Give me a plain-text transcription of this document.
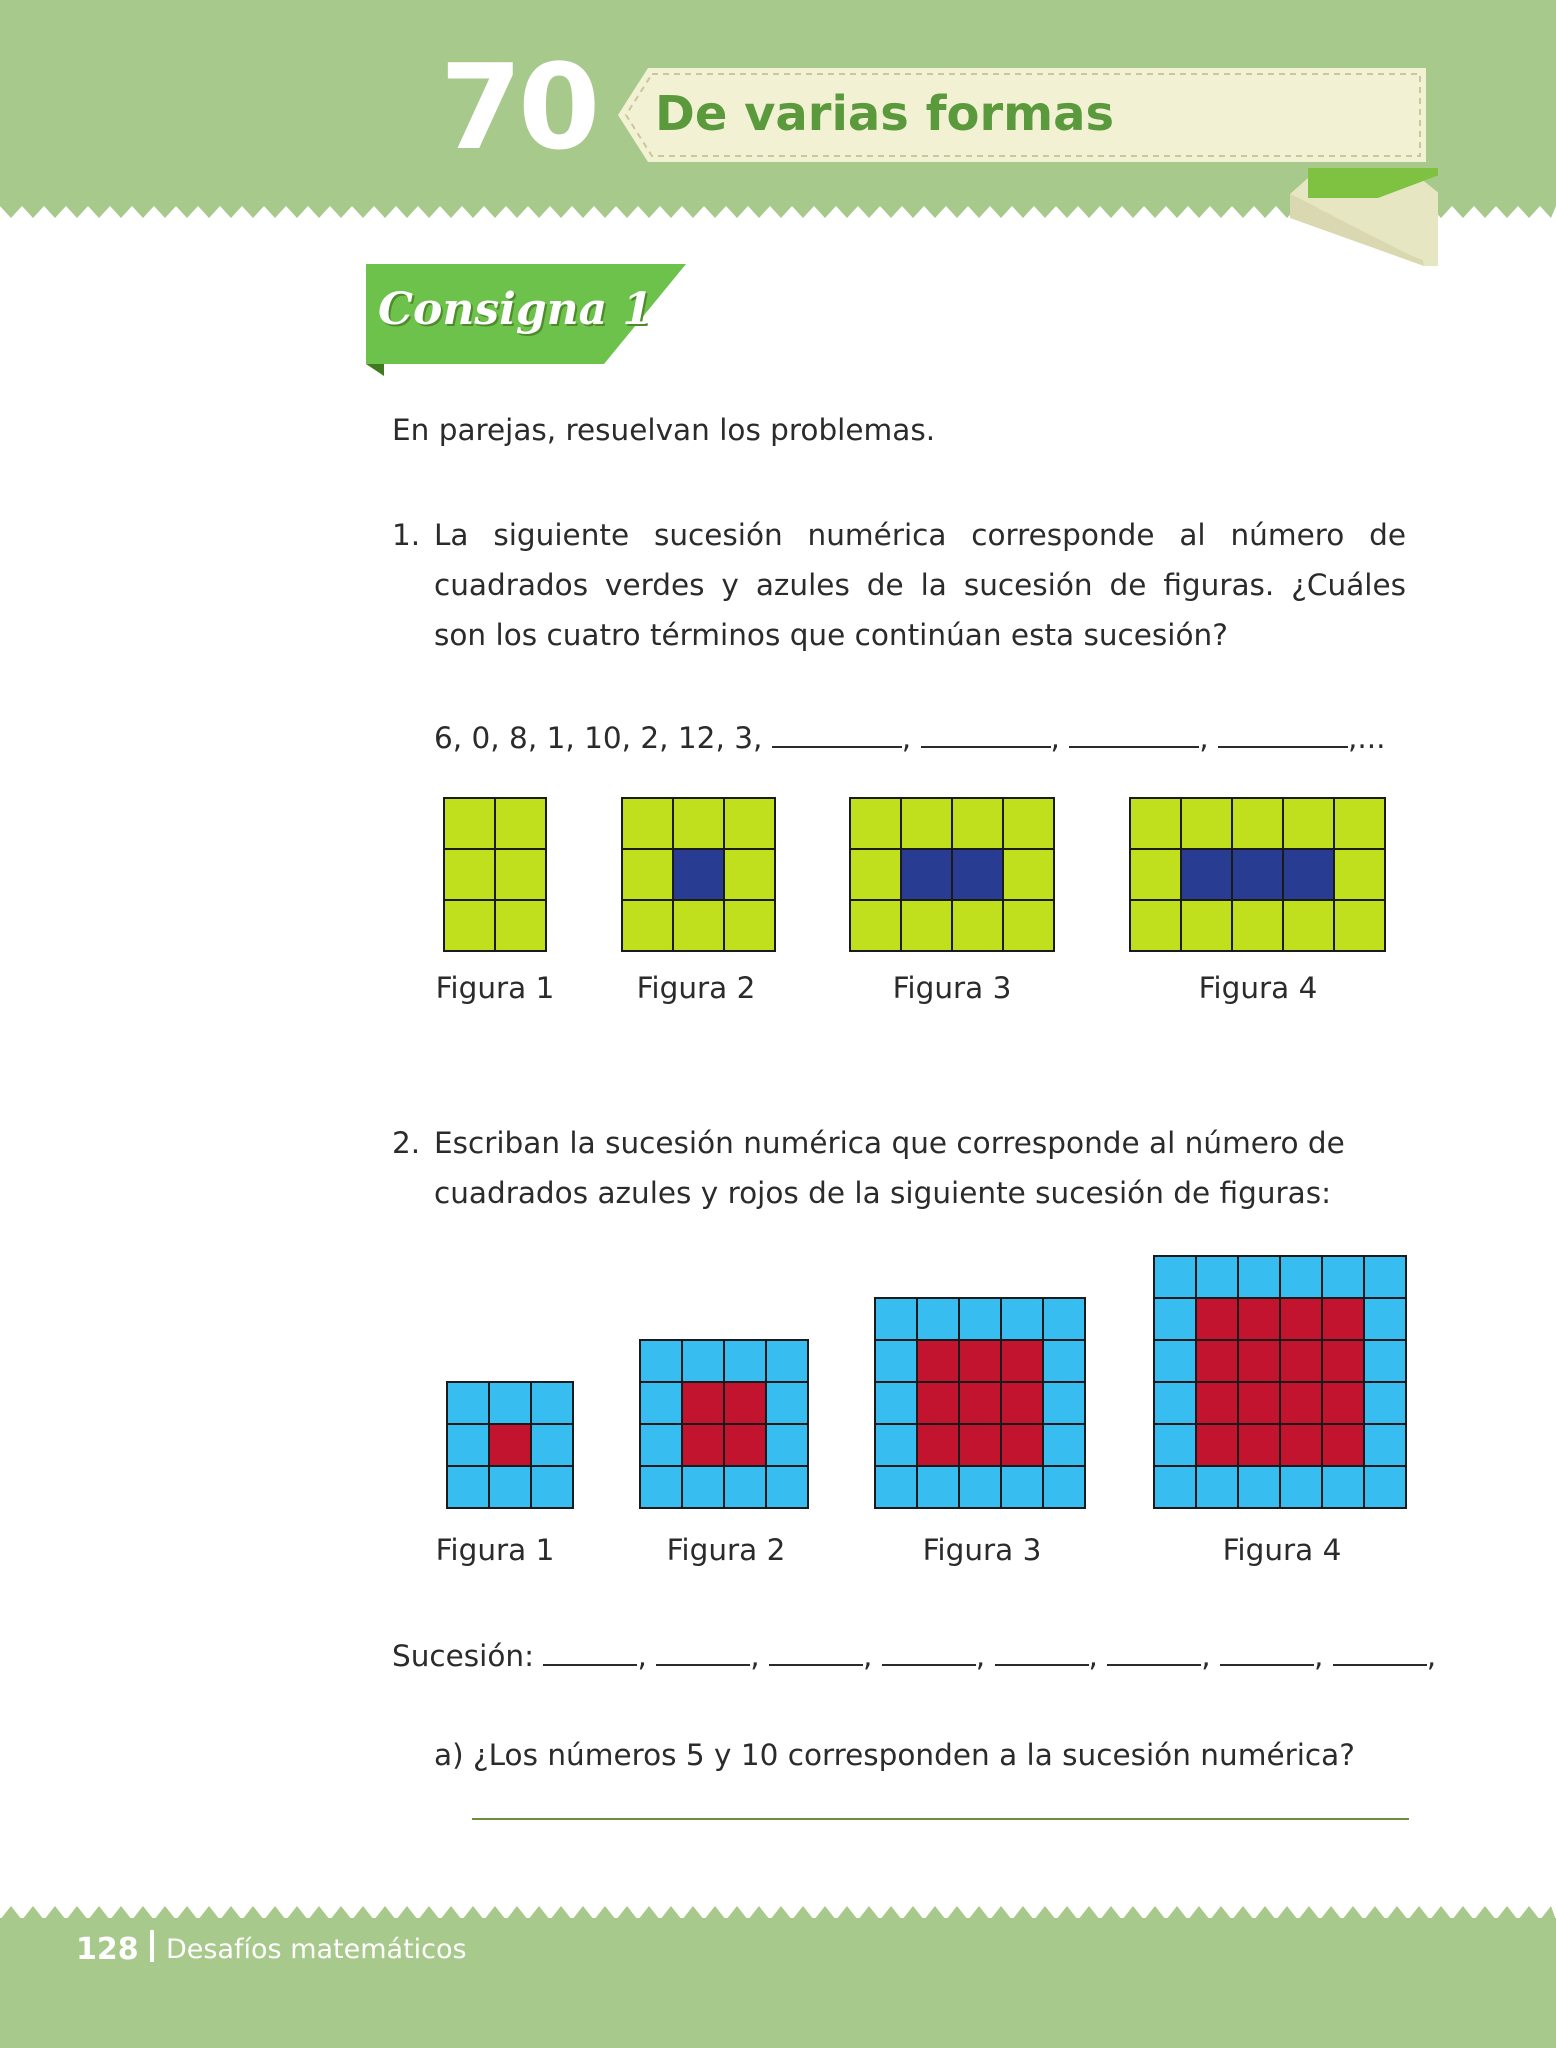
70 De varias formas
Consigna 1
En parejas, resuelvan los problemas.
1. La siguiente sucesión numérica corresponde al número de
cuadrados verdes y azules de la sucesión de figuras. ¿Cuáles
son los cuatro términos que continúan esta sucesión?
6, 0, 8, 1, 10, 2, 12, 3,	,	,	,	,...
Figura 1	Figura 2	Figura 3	Figura 4
2. Escriban la sucesión numérica que corresponde al número de
cuadrados azules y rojos de la siguiente sucesión de figuras:
Figura 1	Figura 2	Figura 3	Figura 4
Sucesión:	,	,	,	,	,	,	,	,
a) ¿Los números 5 y 10 corresponden a la sucesión numérica?
128 Desafíos matemáticos
